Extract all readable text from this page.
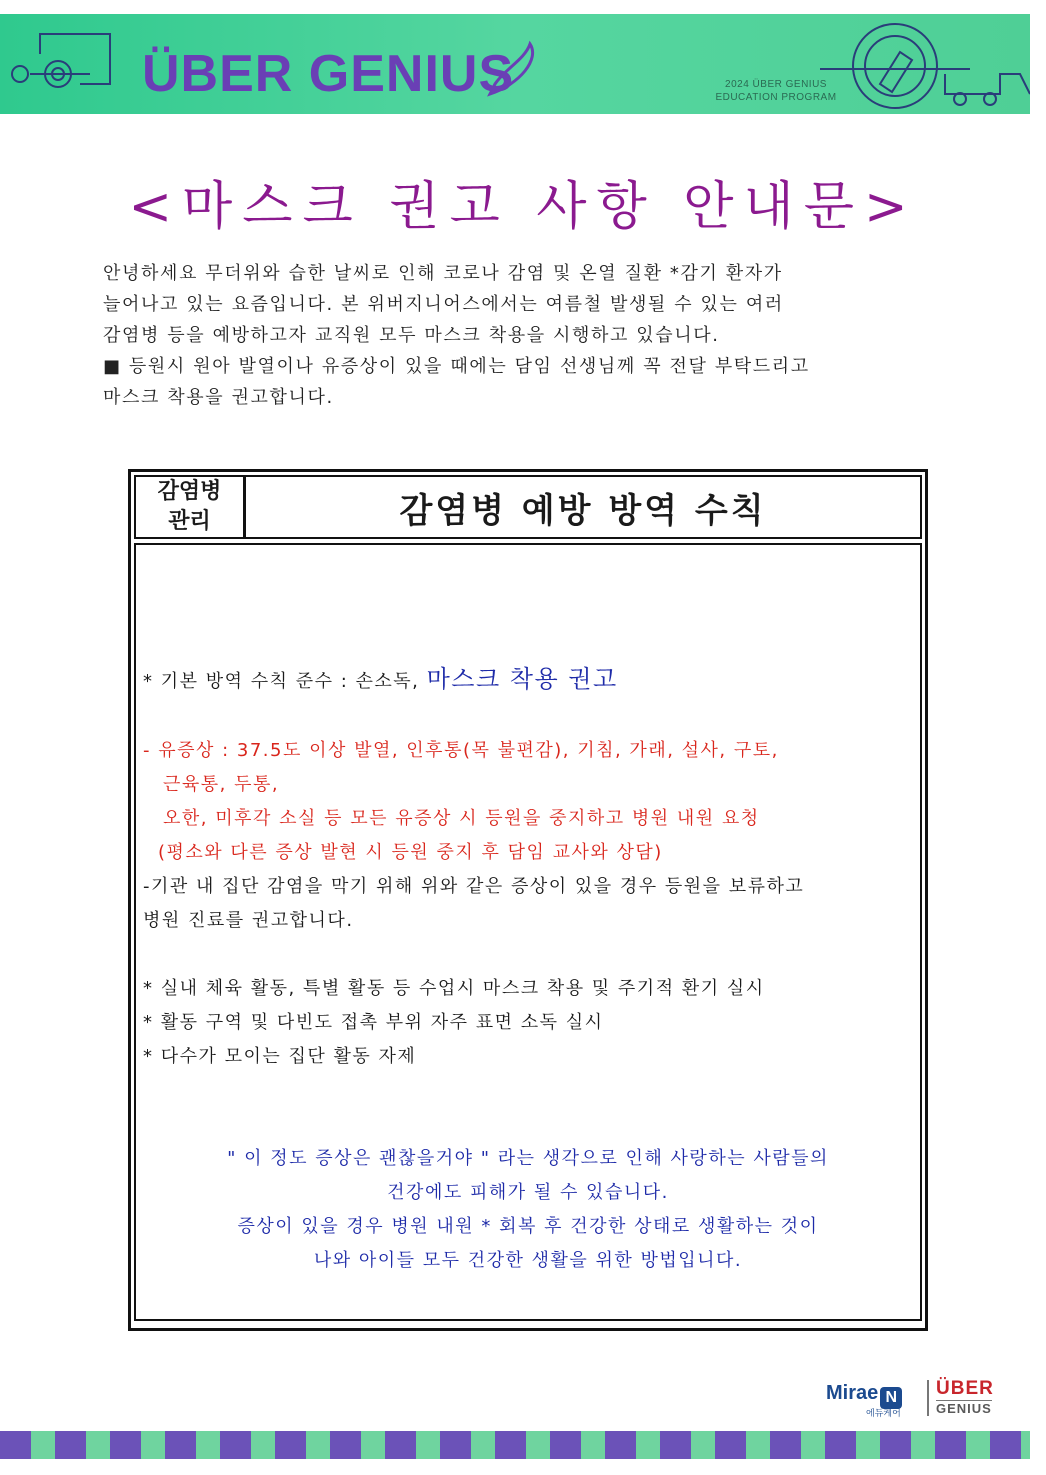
ÜBER GENIUS	2024 ÜBER GENIUS
EDUCATION PROGRAM
<마스크 권고 사항 안내문>

안녕하세요 무더위와 습한 날씨로 인해 코로나 감염 및 온열 질환 *감기 환자가

늘어나고 있는 요즘입니다. 본 위버지니어스에서는 여름철 발생될 수 있는 여러

감염병 등을 예방하고자 교직원 모두 마스크 착용을 시행하고 있습니다.

■ 등원시 원아 발열이나 유증상이 있을 때에는 담임 선생님께 꼭 전달 부탁드리고

마스크 착용을 권고합니다.

감염병
관리	감염병 예방 방역 수칙
* 기본 방역 수칙 준수 : 손소독, 마스크 착용 권고
- 유증상 : 37.5도 이상 발열, 인후통(목 불편감), 기침, 가래, 설사, 구토,
근육통, 두통,
오한, 미후각 소실 등 모든 유증상 시 등원을 중지하고 병원 내원 요청
(평소와 다른 증상 발현 시 등원 중지 후 담임 교사와 상담)
-기관 내 집단 감염을 막기 위해 위와 같은 증상이 있을 경우 등원을 보류하고
병원 진료를 권고합니다.
* 실내 체육 활동, 특별 활동 등 수업시 마스크 착용 및 주기적 환기 실시
* 활동 구역 및 다빈도 접촉 부위 자주 표면 소독 실시
* 다수가 모이는 집단 활동 자제
" 이 정도 증상은 괜찮을거야 " 라는 생각으로 인해 사랑하는 사람들의
건강에도 피해가 될 수 있습니다.
증상이 있을 경우 병원 내원 * 회복 후 건강한 상태로 생활하는 것이
나와 아이들 모두 건강한 생활을 위한 방법입니다.
Mirae N
에듀케어
ÜBER
GENIUS
